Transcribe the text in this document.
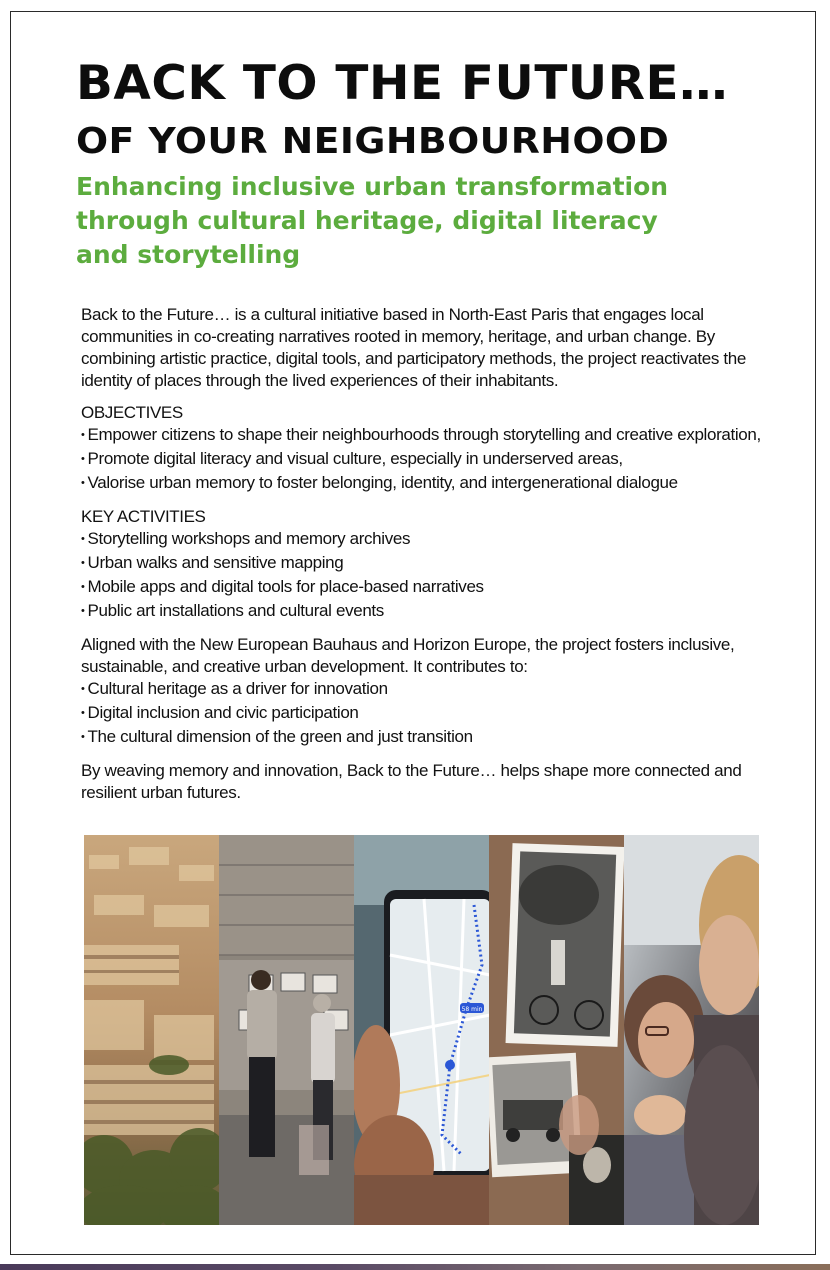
BACK TO THE FUTURE…
OF YOUR NEIGHBOURHOOD
Enhancing inclusive urban transformation
through cultural heritage, digital literacy
and storytelling

Back to the Future… is a cultural initiative based in North-East Paris that engages local communities in co-creating narratives rooted in memory, heritage, and urban change. By combining artistic practice, digital tools, and participatory methods, the project reactivates the identity of places through the lived experiences of their inhabitants.

OBJECTIVES

• Empower citizens to shape their neighbourhoods through storytelling and creative exploration,

• Promote digital literacy and visual culture, especially in underserved areas,

• Valorise urban memory to foster belonging, identity, and intergenerational dialogue

KEY ACTIVITIES

• Storytelling workshops and memory archives

• Urban walks and sensitive mapping

• Mobile apps and digital tools for place-based narratives

• Public art installations and cultural events

Aligned with the New European Bauhaus and Horizon Europe, the project fosters inclusive, sustainable, and creative urban development. It contributes to:

• Cultural heritage as a driver for innovation

• Digital inclusion and civic participation

• The cultural dimension of the green and just transition

By weaving memory and innovation, Back to the Future… helps shape more connected and resilient urban futures.

58 min
